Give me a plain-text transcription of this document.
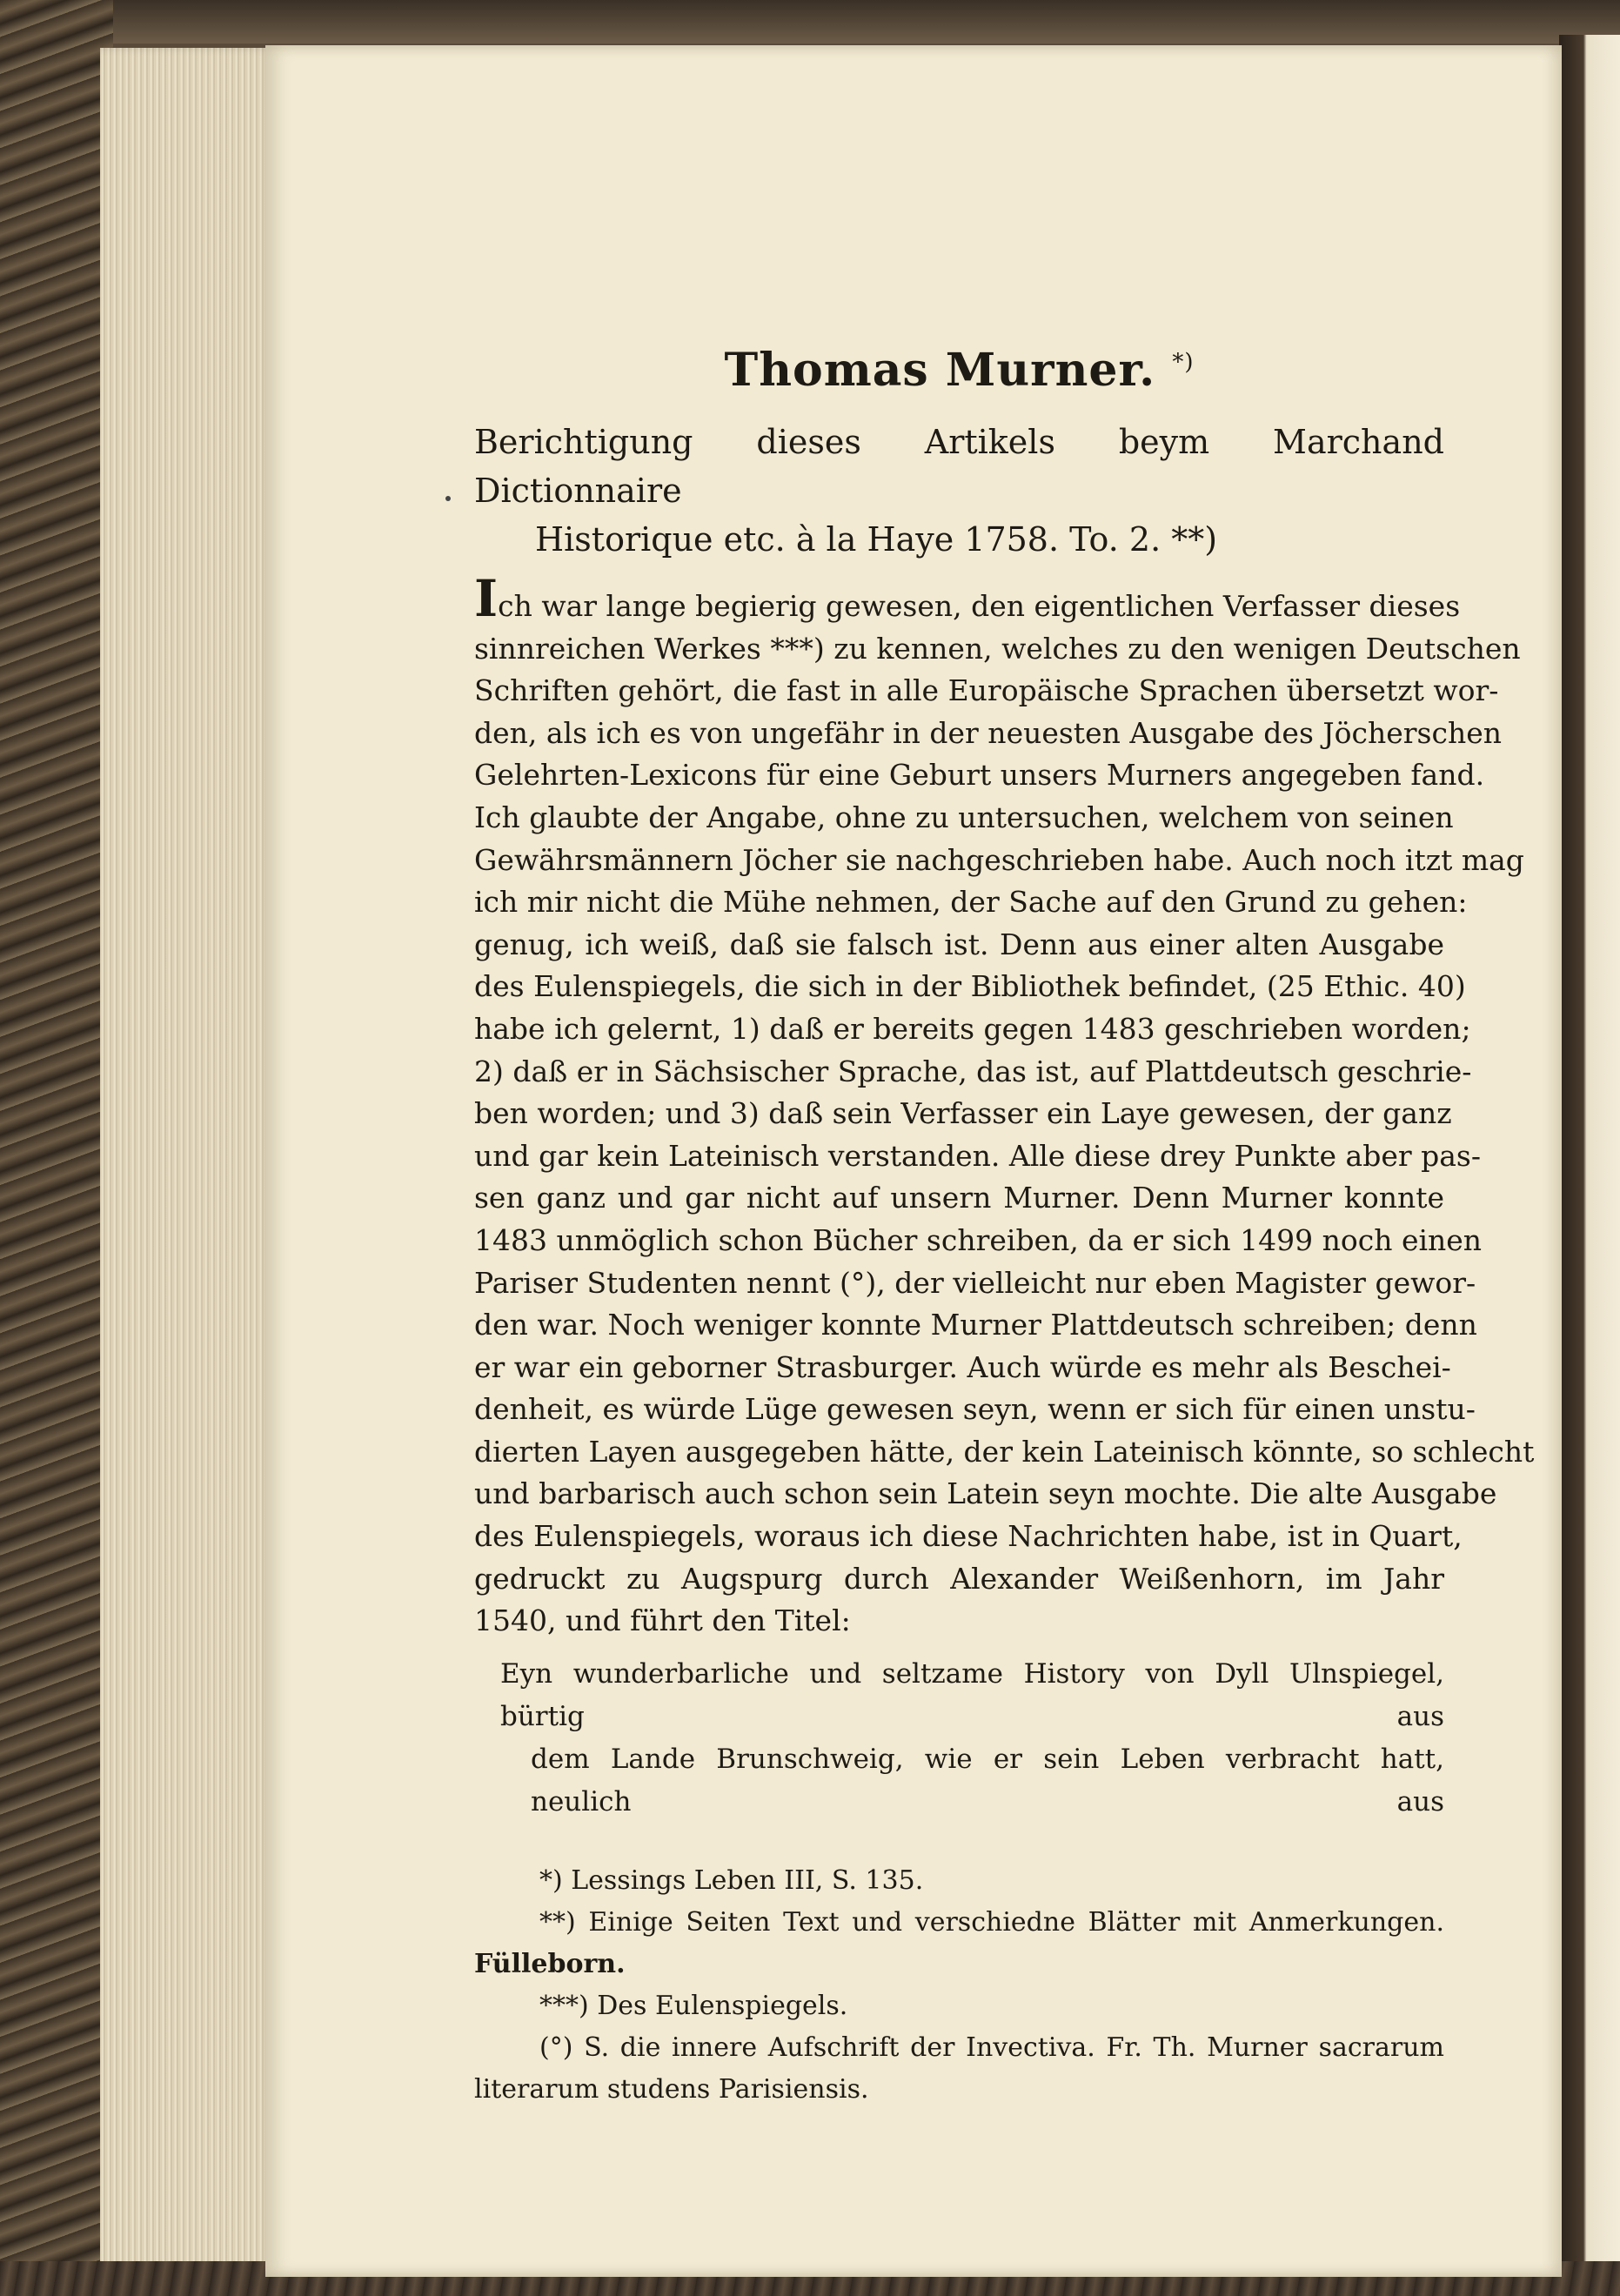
Thomas Murner. *)
Berichtigung dieses Artikels beym Marchand Dictionnaire
Historique etc. à la Haye 1758. To. 2. **)
Ich war lange begierig gewesen, den eigentlichen Verfasser dieses
sinnreichen Werkes ***) zu kennen, welches zu den wenigen Deutschen
Schriften gehört, die fast in alle Europäische Sprachen übersetzt wor-
den, als ich es von ungefähr in der neuesten Ausgabe des Jöcherschen
Gelehrten-Lexicons für eine Geburt unsers Murners angegeben fand.
Ich glaubte der Angabe, ohne zu untersuchen, welchem von seinen
Gewährsmännern Jöcher sie nachgeschrieben habe. Auch noch itzt mag
ich mir nicht die Mühe nehmen, der Sache auf den Grund zu gehen:
genug, ich weiß, daß sie falsch ist. Denn aus einer alten Ausgabe
des Eulenspiegels, die sich in der Bibliothek befindet, (25 Ethic. 40)
habe ich gelernt, 1) daß er bereits gegen 1483 geschrieben worden;
2) daß er in Sächsischer Sprache, das ist, auf Plattdeutsch geschrie-
ben worden; und 3) daß sein Verfasser ein Laye gewesen, der ganz
und gar kein Lateinisch verstanden. Alle diese drey Punkte aber pas-
sen ganz und gar nicht auf unsern Murner. Denn Murner konnte
1483 unmöglich schon Bücher schreiben, da er sich 1499 noch einen
Pariser Studenten nennt (°), der vielleicht nur eben Magister gewor-
den war. Noch weniger konnte Murner Plattdeutsch schreiben; denn
er war ein geborner Strasburger. Auch würde es mehr als Beschei-
denheit, es würde Lüge gewesen seyn, wenn er sich für einen unstu-
dierten Layen ausgegeben hätte, der kein Lateinisch könnte, so schlecht
und barbarisch auch schon sein Latein seyn mochte. Die alte Ausgabe
des Eulenspiegels, woraus ich diese Nachrichten habe, ist in Quart,
gedruckt zu Augspurg durch Alexander Weißenhorn, im Jahr
1540, und führt den Titel:
Eyn wunderbarliche und seltzame History von Dyll Ulnspiegel, bürtig aus
dem Lande Brunschweig, wie er sein Leben verbracht hatt, neulich aus
*) Lessings Leben III, S. 135.
**) Einige Seiten Text und verschiedne Blätter mit Anmerkungen.
Fülleborn.
***) Des Eulenspiegels.
(°) S. die innere Aufschrift der Invectiva. Fr. Th. Murner sacrarum
literarum studens Parisiensis.
